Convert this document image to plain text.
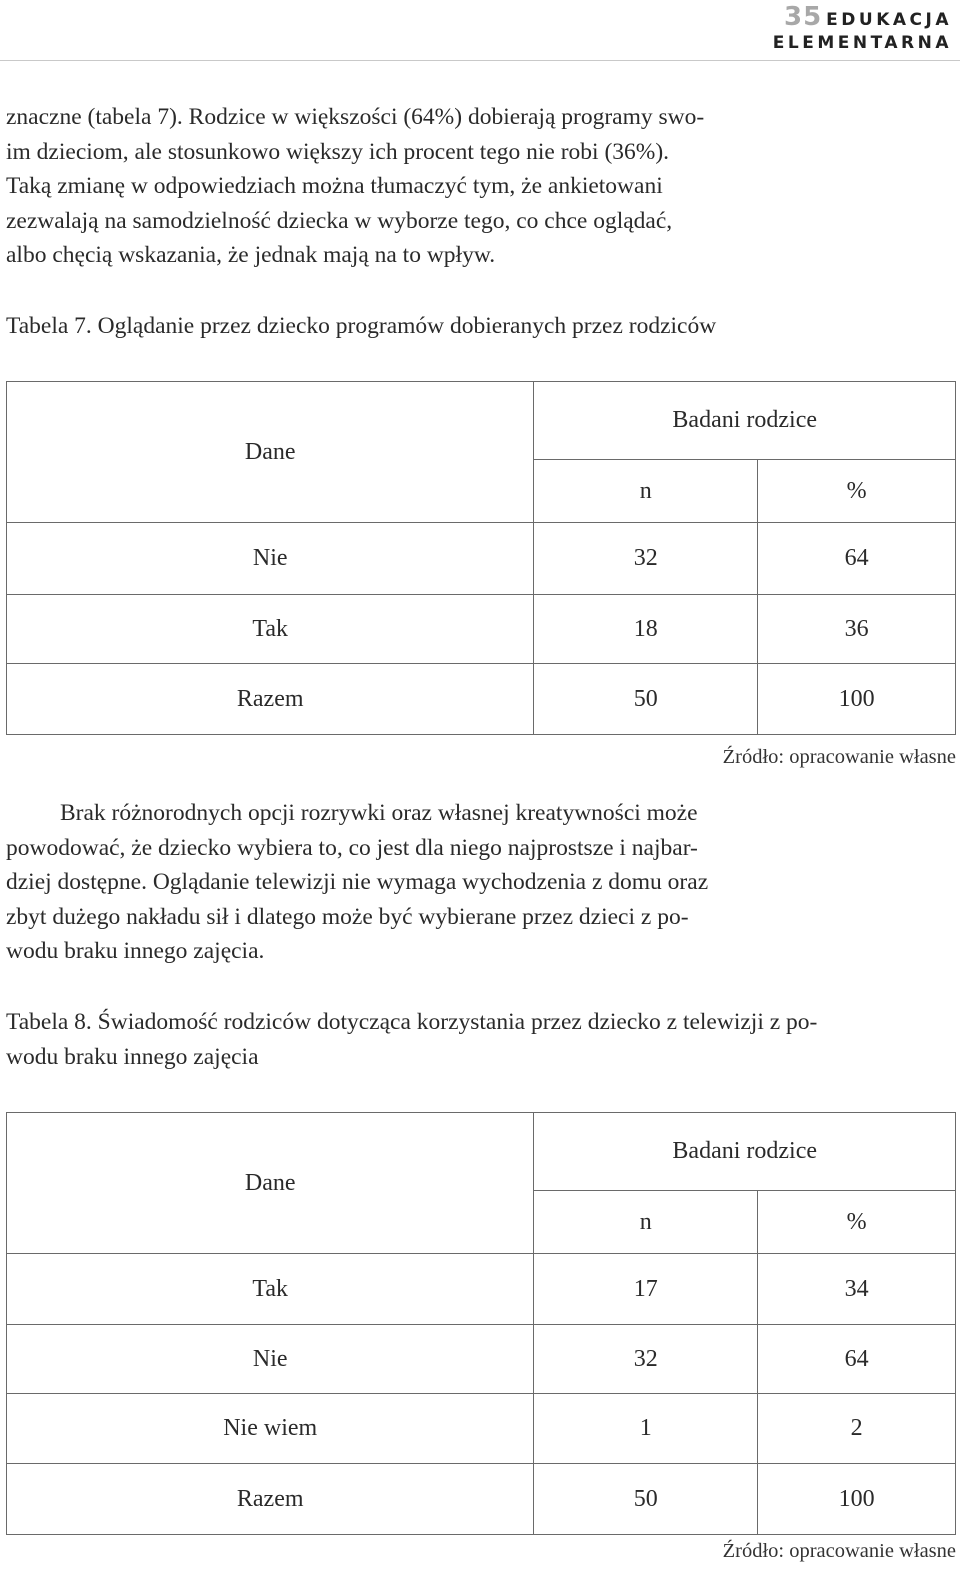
35 EDUKACJA
ELEMENTARNA

znaczne (tabela 7). Rodzice w większości (64%) dobierają programy swo-
im dzieciom, ale stosunkowo większy ich procent tego nie robi (36%).
Taką zmianę w odpowiedziach można tłumaczyć tym, że ankietowani
zezwalają na samodzielność dziecka w wyborze tego, co chce oglądać,
albo chęcią wskazania, że jednak mają na to wpływ.

Tabela 7. Oglądanie przez dziecko programów dobieranych przez rodziców

Dane	Badani rodzice	
	n	%
Nie	32	64
Tak	18	36
Razem	50	100
Źródło: opracowanie własne

Brak różnorodnych opcji rozrywki oraz własnej kreatywności może
powodować, że dziecko wybiera to, co jest dla niego najprostsze i najbar-
dziej dostępne. Oglądanie telewizji nie wymaga wychodzenia z domu oraz
zbyt dużego nakładu sił i dlatego może być wybierane przez dzieci z po-
wodu braku innego zajęcia.

Tabela 8. Świadomość rodziców dotycząca korzystania przez dziecko z telewizji z po-
wodu braku innego zajęcia

Dane	Badani rodzice	
	n	%
Tak	17	34
Nie	32	64
Nie wiem	1	2
Razem	50	100
Źródło: opracowanie własne
